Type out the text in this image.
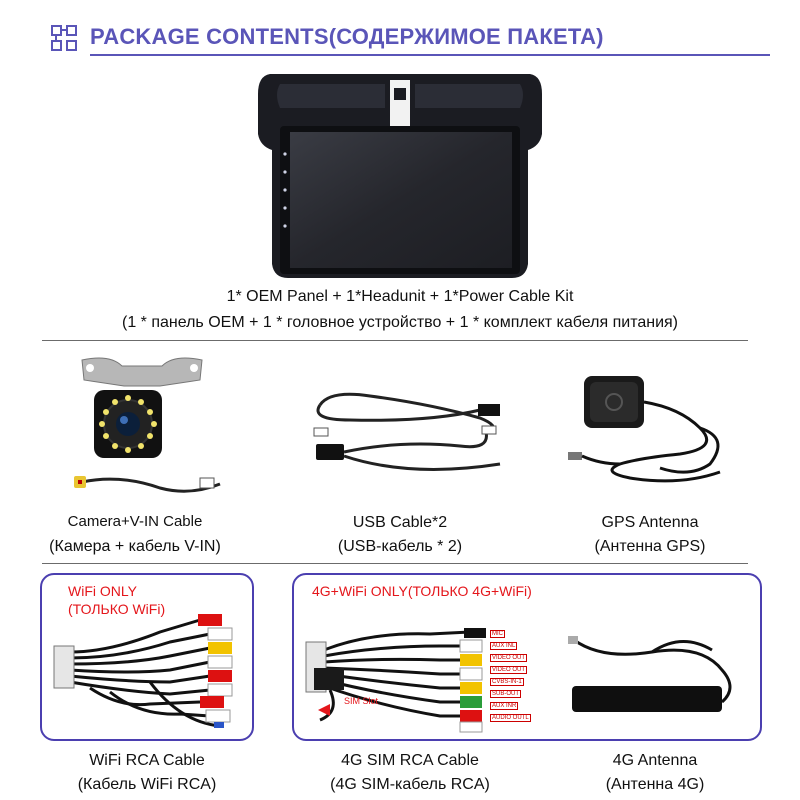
PACKAGE CONTENTS(СОДЕРЖИМОЕ ПАКЕТА)
1* OEM Panel + 1*Headunit + 1*Power Cable Kit
(1 * панель OEM + 1 * головное устройство + 1 * комплект кабеля питания)
Camera+V-IN Cable
(Камера + кабель V-IN)
USB Cable*2
(USB-кабель * 2)
GPS Antenna
(Антенна GPS)
WiFi ONLY
(ТОЛЬКО WiFi)
4G+WiFi ONLY(ТОЛЬКО 4G+WiFi)
SIM Slot
MIC
AUX INL
VIDEO OUT
VIDEO OUT
CVBS-IN-1
SUB-OUT
AUX INR
AUDIO OUTL
WiFi RCA Cable
(Кабель WiFi RCA)
4G SIM RCA Cable
(4G SIM-кабель RCA)
4G Antenna
(Антенна 4G)
